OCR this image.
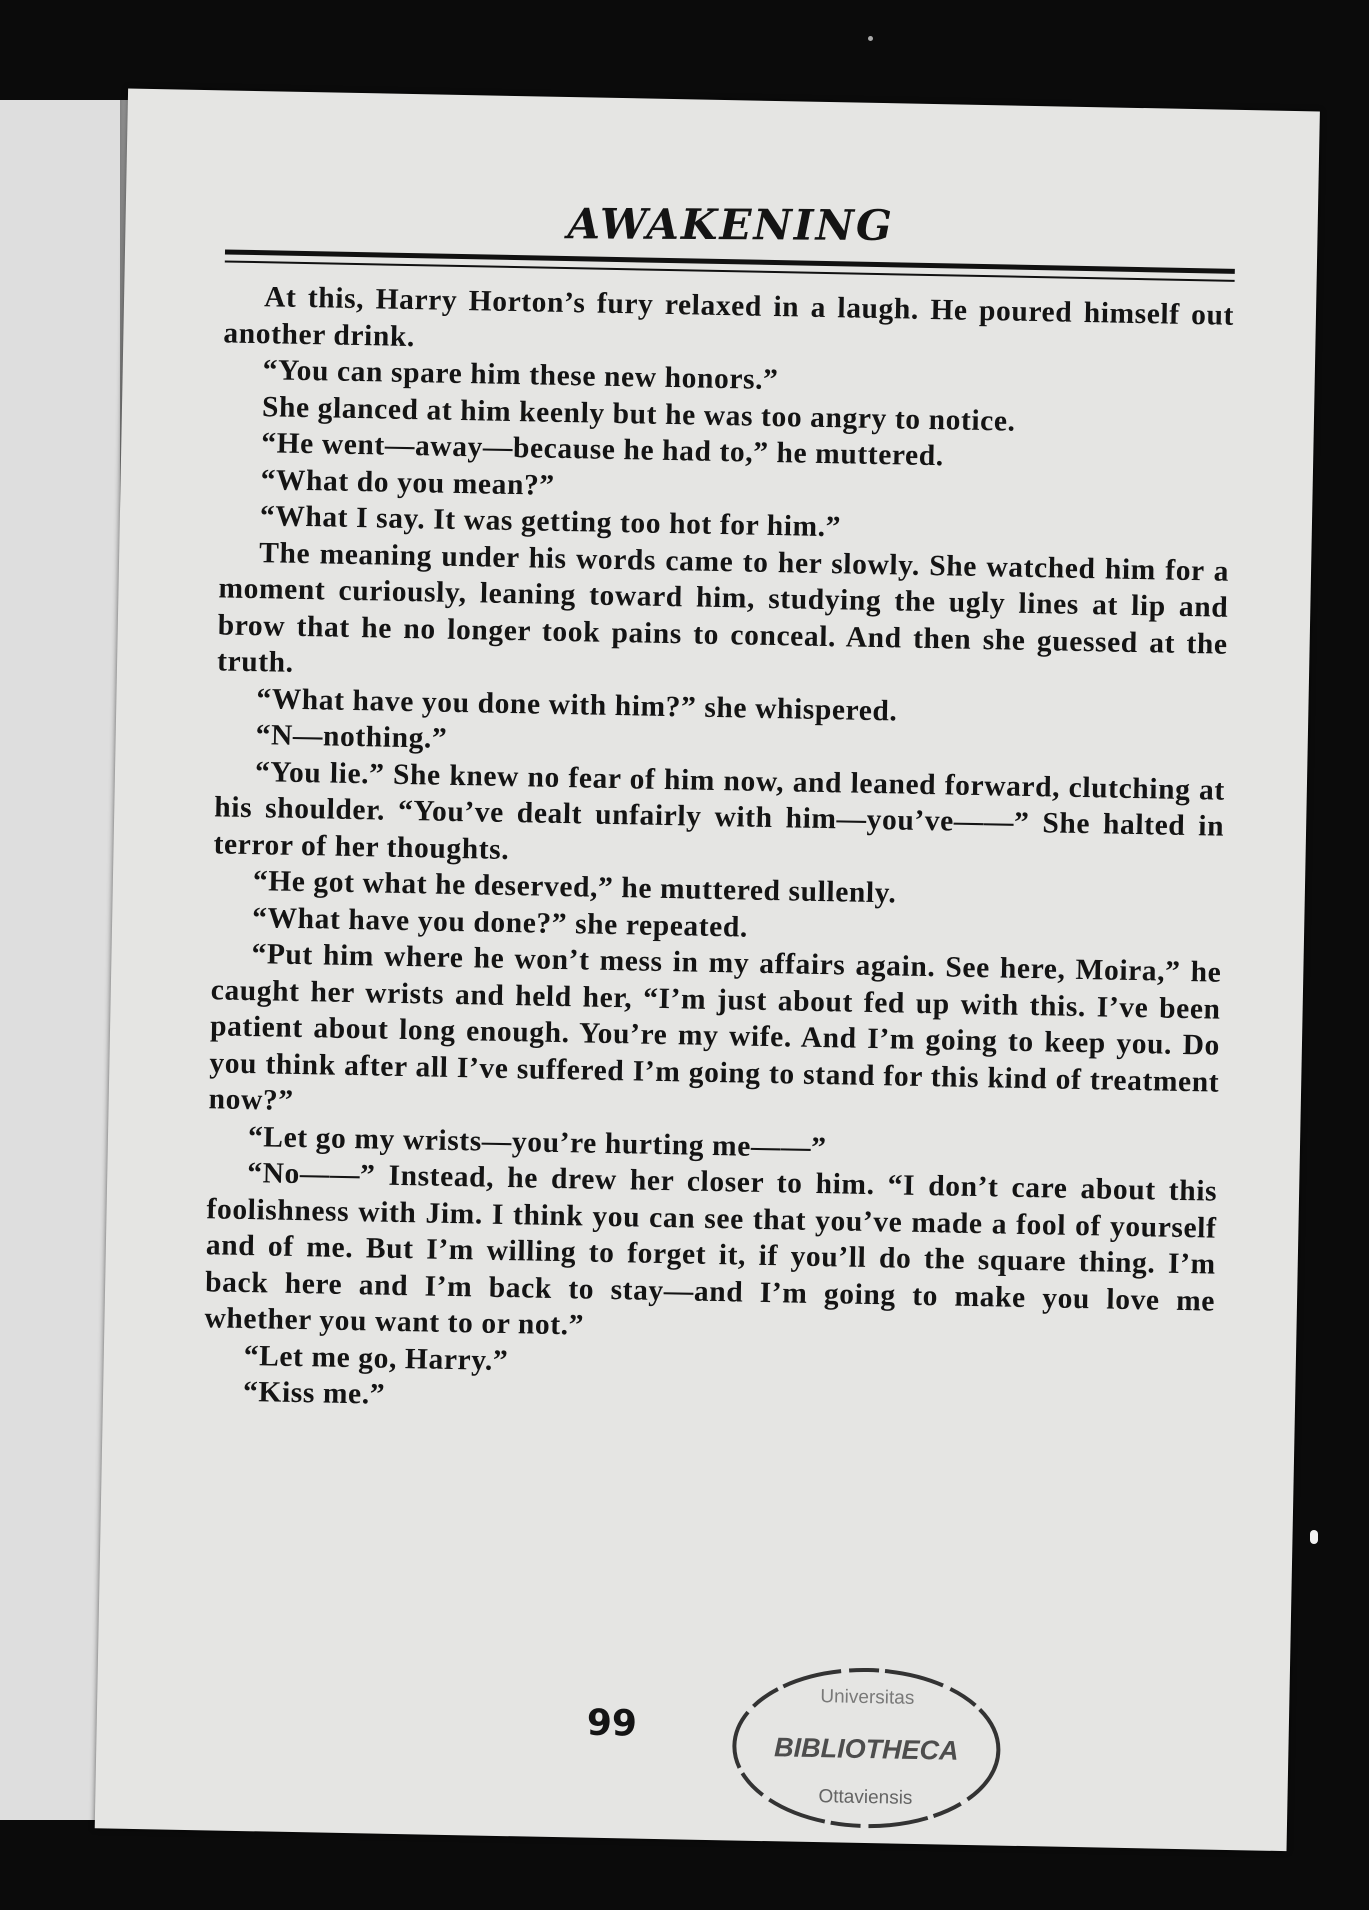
AWAKENING

At this, Harry Horton’s fury relaxed in a laugh. He poured himself out another drink.

“You can spare him these new honors.”

She glanced at him keenly but he was too angry to notice.

“He went—away—because he had to,” he muttered.

“What do you mean?”

“What I say. It was getting too hot for him.”

The meaning under his words came to her slowly. She watched him for a moment curiously, leaning toward him, studying the ugly lines at lip and brow that he no longer took pains to conceal. And then she guessed at the truth.

“What have you done with him?” she whispered.

“N—nothing.”

“You lie.” She knew no fear of him now, and leaned forward, clutching at his shoulder. “You’ve dealt unfairly with him—you’ve——” She halted in terror of her thoughts.

“He got what he deserved,” he muttered sullenly.

“What have you done?” she repeated.

“Put him where he won’t mess in my affairs again. See here, Moira,” he caught her wrists and held her, “I’m just about fed up with this. I’ve been patient about long enough. You’re my wife. And I’m going to keep you. Do you think after all I’ve suffered I’m going to stand for this kind of treatment now?”

“Let go my wrists—you’re hurting me——”

“No——” Instead, he drew her closer to him. “I don’t care about this foolishness with Jim. I think you can see that you’ve made a fool of yourself and of me. But I’m willing to forget it, if you’ll do the square thing. I’m back here and I’m back to stay—and I’m going to make you love me whether you want to or not.”

“Let me go, Harry.”

“Kiss me.”

99
Universitas
BIBLIOTHECA
Ottaviensis
